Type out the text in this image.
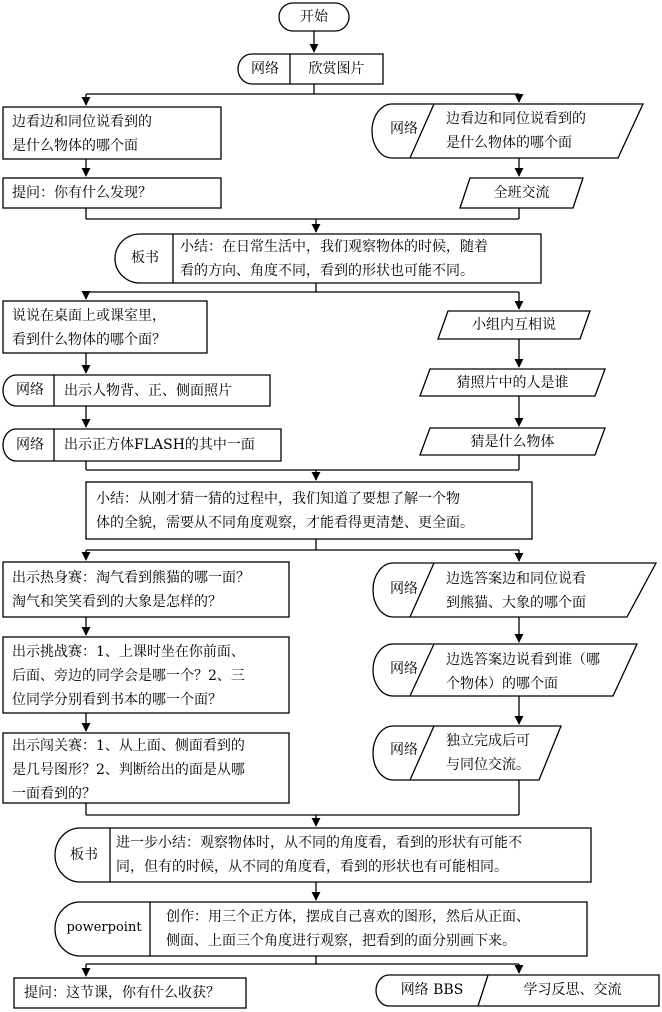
开始
网络	欣赏图片
边看边和同位说看到的
是什么物体的哪个面
提问：你有什么发现？
说说在桌面上或课室里，
看到什么物体的哪个面？
网络	出示人物背、正、侧面照片
网络	出示正方体FLASH的其中一面
出示热身赛：淘气看到熊猫的哪一面？
淘气和笑笑看到的大象是怎样的？
出示挑战赛：1、上课时坐在你前面、
后面、旁边的同学会是哪一个？2、三
位同学分别看到书本的哪一个面？
出示闯关赛：1、从上面、侧面看到的
是几号图形？2、判断给出的面是从哪
一面看到的？
提问：这节课，你有什么收获？
网络
边看边和同位说看到的
是什么物体的哪个面
全班交流
小组内互相说
猜照片中的人是谁
猜是什么物体
网络
边选答案边和同位说看
到熊猫、大象的哪个面
网络
边选答案边说看到谁（哪
个物体）的哪个面
网络
独立完成后可
与同位交流。
网络 BBS	学习反思、交流
板书
小结：在日常生活中，我们观察物体的时候，随着
看的方向、角度不同，看到的形状也可能不同。
小结：从刚才猜一猜的过程中，我们知道了要想了解一个物
体的全貌，需要从不同角度观察，才能看得更清楚、更全面。
板书
进一步小结：观察物体时，从不同的角度看，看到的形状有可能不
同，但有的时候，从不同的角度看，看到的形状也有可能相同。
powerpoint
创作：用三个正方体，摆成自己喜欢的图形，然后从正面、
侧面、上面三个角度进行观察，把看到的面分别画下来。
